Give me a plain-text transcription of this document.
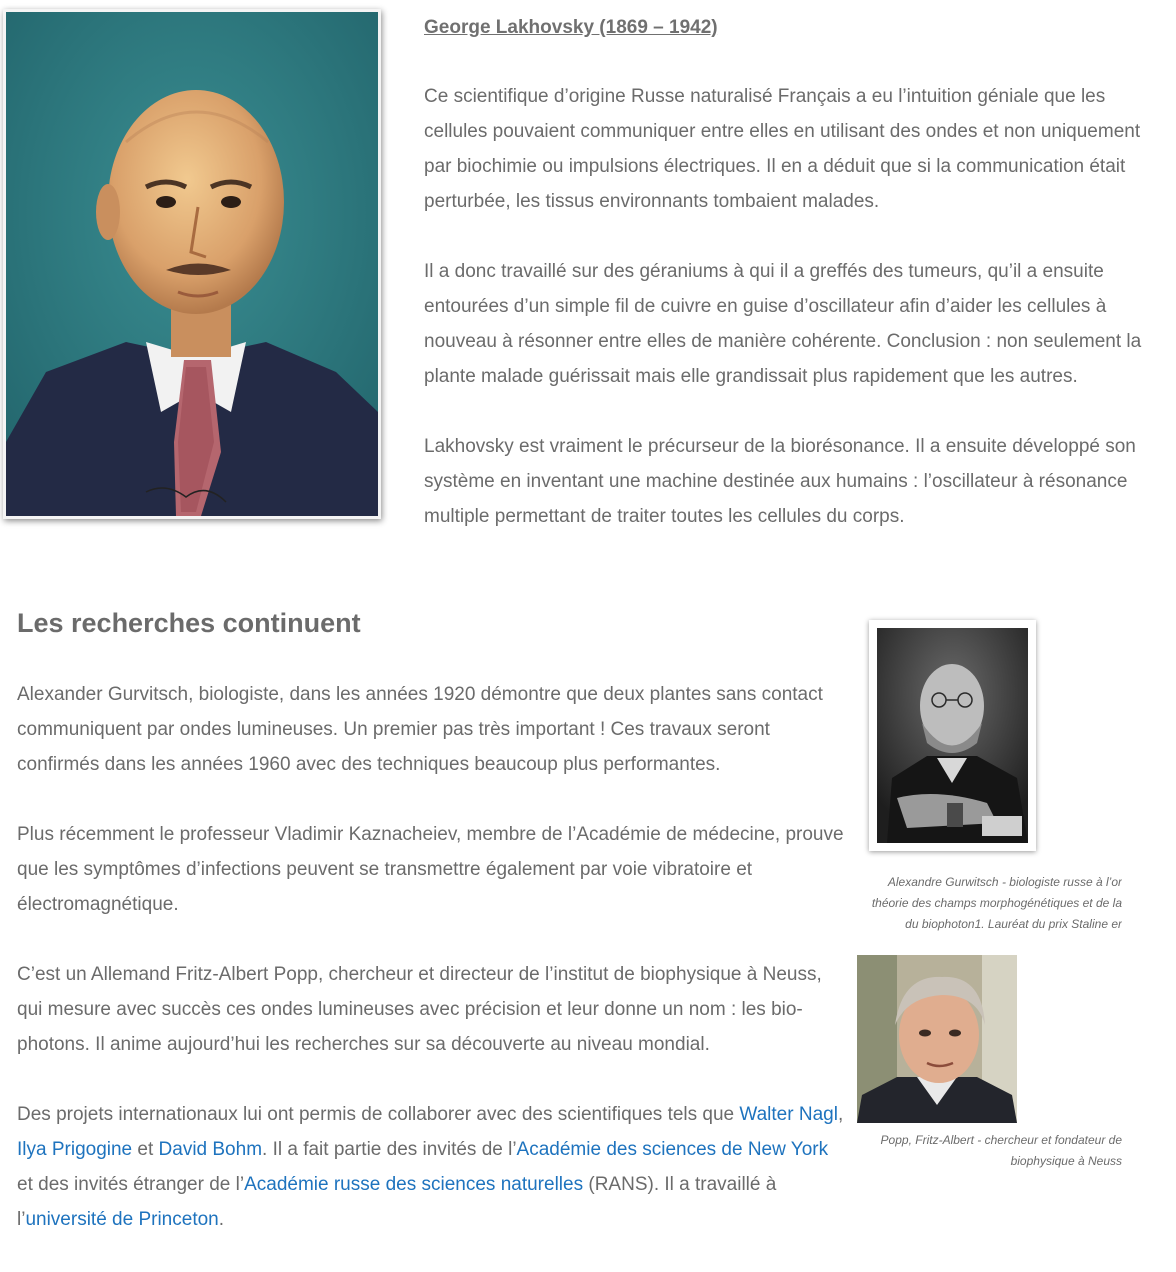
George Lakhovsky (1869 – 1942)

Ce scientifique d’origine Russe naturalisé Français a eu l’intuition géniale que les cellules pouvaient communiquer entre elles en utilisant des ondes et non uniquement par biochimie ou impulsions électriques. Il en a déduit que si la communication était perturbée, les tissus environnants tombaient malades.

Il a donc travaillé sur des géraniums à qui il a greffés des tumeurs, qu’il a ensuite entourées d’un simple fil de cuivre en guise d’oscillateur afin d’aider les cellules à nouveau à résonner entre elles de manière cohérente. Conclusion : non seulement la plante malade guérissait mais elle grandissait plus rapidement que les autres.

Lakhovsky est vraiment le précurseur de la biorésonance. Il a ensuite développé son système en inventant une machine destinée aux humains : l’oscillateur à résonance multiple permettant de traiter toutes les cellules du corps.

Les recherches continuent

Alexander Gurvitsch, biologiste, dans les années 1920 démontre que deux plantes sans contact communiquent par ondes lumineuses. Un premier pas très important ! Ces travaux seront confirmés dans les années 1960 avec des techniques beaucoup plus performantes.

Plus récemment le professeur Vladimir Kaznacheiev, membre de l’Académie de médecine, prouve que les symptômes d’infections peuvent se transmettre également par voie vibratoire et électromagnétique.

C’est un Allemand Fritz-Albert Popp, chercheur et directeur de l’institut de biophysique à Neuss, qui mesure avec succès ces ondes lumineuses avec précision et leur donne un nom : les bio-photons. Il anime aujourd’hui les recherches sur sa découverte au niveau mondial.

Des projets internationaux lui ont permis de collaborer avec des scientifiques tels que Walter Nagl, Ilya Prigogine et David Bohm. Il a fait partie des invités de l’Académie des sciences de New York et des invités étranger de l’Académie russe des sciences naturelles (RANS). Il a travaillé à l’université de Princeton.

Alexandre Gurwitsch - biologiste russe à l’or
théorie des champs morphogénétiques et de la
du biophoton1. Lauréat du prix Staline er
Popp, Fritz-Albert - chercheur et fondateur de
biophysique à Neuss
